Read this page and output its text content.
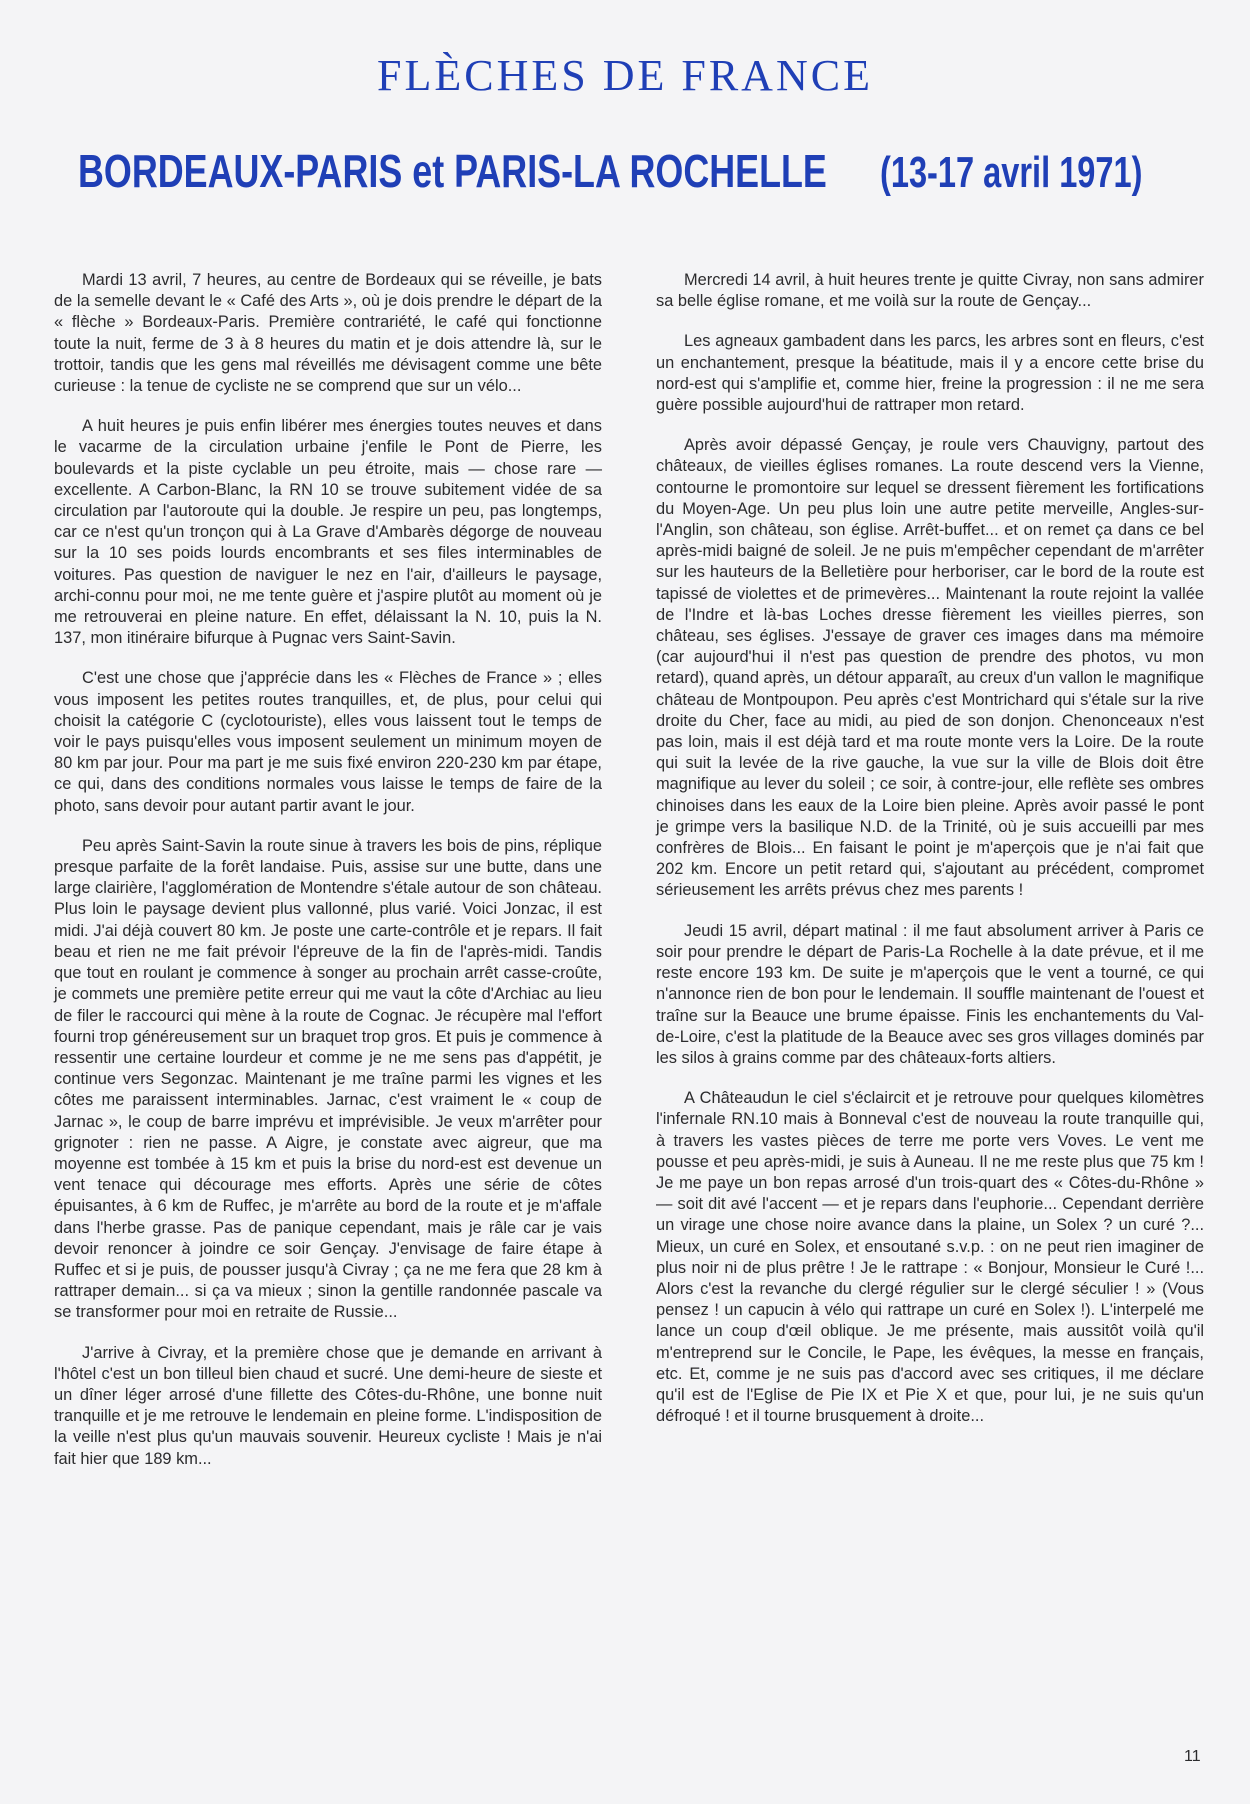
FLÈCHES DE FRANCE
BORDEAUX-PARIS et PARIS-LA ROCHELLE (13-17 avril 1971)

Mardi 13 avril, 7 heures, au centre de Bordeaux qui se réveille, je bats de la semelle devant le « Café des Arts », où je dois prendre le départ de la « flèche » Bordeaux-Paris. Première contrariété, le café qui fonctionne toute la nuit, ferme de 3 à 8 heures du matin et je dois attendre là, sur le trottoir, tandis que les gens mal réveillés me dévisagent comme une bête curieuse : la tenue de cycliste ne se comprend que sur un vélo...

A huit heures je puis enfin libérer mes énergies toutes neuves et dans le vacarme de la circulation urbaine j'enfile le Pont de Pierre, les boulevards et la piste cyclable un peu étroite, mais — chose rare — excellente. A Carbon-Blanc, la RN 10 se trouve subitement vidée de sa circulation par l'autoroute qui la double. Je respire un peu, pas longtemps, car ce n'est qu'un tronçon qui à La Grave d'Ambarès dégorge de nouveau sur la 10 ses poids lourds encombrants et ses files interminables de voitures. Pas question de naviguer le nez en l'air, d'ailleurs le paysage, archi-connu pour moi, ne me tente guère et j'aspire plutôt au moment où je me retrouverai en pleine nature. En effet, délaissant la N. 10, puis la N. 137, mon itinéraire bifurque à Pugnac vers Saint-Savin.

C'est une chose que j'apprécie dans les « Flèches de France » ; elles vous imposent les petites routes tranquilles, et, de plus, pour celui qui choisit la catégorie C (cyclotouriste), elles vous laissent tout le temps de voir le pays puisqu'elles vous imposent seulement un minimum moyen de 80 km par jour. Pour ma part je me suis fixé environ 220-230 km par étape, ce qui, dans des conditions normales vous laisse le temps de faire de la photo, sans devoir pour autant partir avant le jour.

Peu après Saint-Savin la route sinue à travers les bois de pins, réplique presque parfaite de la forêt landaise. Puis, assise sur une butte, dans une large clairière, l'agglomération de Montendre s'étale autour de son château. Plus loin le paysage devient plus vallonné, plus varié. Voici Jonzac, il est midi. J'ai déjà couvert 80 km. Je poste une carte-contrôle et je repars. Il fait beau et rien ne me fait prévoir l'épreuve de la fin de l'après-midi. Tandis que tout en roulant je commence à songer au prochain arrêt casse-croûte, je commets une première petite erreur qui me vaut la côte d'Archiac au lieu de filer le raccourci qui mène à la route de Cognac. Je récupère mal l'effort fourni trop généreusement sur un braquet trop gros. Et puis je commence à ressentir une certaine lourdeur et comme je ne me sens pas d'appétit, je continue vers Segonzac. Maintenant je me traîne parmi les vignes et les côtes me paraissent interminables. Jarnac, c'est vraiment le « coup de Jarnac », le coup de barre imprévu et imprévisible. Je veux m'arrêter pour grignoter : rien ne passe. A Aigre, je constate avec aigreur, que ma moyenne est tombée à 15 km et puis la brise du nord-est est devenue un vent tenace qui décourage mes efforts. Après une série de côtes épuisantes, à 6 km de Ruffec, je m'arrête au bord de la route et je m'affale dans l'herbe grasse. Pas de panique cependant, mais je râle car je vais devoir renoncer à joindre ce soir Gençay. J'envisage de faire étape à Ruffec et si je puis, de pousser jusqu'à Civray ; ça ne me fera que 28 km à rattraper demain... si ça va mieux ; sinon la gentille randonnée pascale va se transformer pour moi en retraite de Russie...

J'arrive à Civray, et la première chose que je demande en arrivant à l'hôtel c'est un bon tilleul bien chaud et sucré. Une demi-heure de sieste et un dîner léger arrosé d'une fillette des Côtes-du-Rhône, une bonne nuit tranquille et je me retrouve le lendemain en pleine forme. L'indisposition de la veille n'est plus qu'un mauvais souvenir. Heureux cycliste ! Mais je n'ai fait hier que 189 km...

Mercredi 14 avril, à huit heures trente je quitte Civray, non sans admirer sa belle église romane, et me voilà sur la route de Gençay...

Les agneaux gambadent dans les parcs, les arbres sont en fleurs, c'est un enchantement, presque la béatitude, mais il y a encore cette brise du nord-est qui s'amplifie et, comme hier, freine la progression : il ne me sera guère possible aujourd'hui de rattraper mon retard.

Après avoir dépassé Gençay, je roule vers Chauvigny, partout des châteaux, de vieilles églises romanes. La route descend vers la Vienne, contourne le promontoire sur lequel se dressent fièrement les fortifications du Moyen-Age. Un peu plus loin une autre petite merveille, Angles-sur-l'Anglin, son château, son église. Arrêt-buffet... et on remet ça dans ce bel après-midi baigné de soleil. Je ne puis m'empêcher cependant de m'arrêter sur les hauteurs de la Belletière pour herboriser, car le bord de la route est tapissé de violettes et de primevères... Maintenant la route rejoint la vallée de l'Indre et là-bas Loches dresse fièrement les vieilles pierres, son château, ses églises. J'essaye de graver ces images dans ma mémoire (car aujourd'hui il n'est pas question de prendre des photos, vu mon retard), quand après, un détour apparaît, au creux d'un vallon le magnifique château de Montpoupon. Peu après c'est Montrichard qui s'étale sur la rive droite du Cher, face au midi, au pied de son donjon. Chenonceaux n'est pas loin, mais il est déjà tard et ma route monte vers la Loire. De la route qui suit la levée de la rive gauche, la vue sur la ville de Blois doit être magnifique au lever du soleil ; ce soir, à contre-jour, elle reflète ses ombres chinoises dans les eaux de la Loire bien pleine. Après avoir passé le pont je grimpe vers la basilique N.D. de la Trinité, où je suis accueilli par mes confrères de Blois... En faisant le point je m'aperçois que je n'ai fait que 202 km. Encore un petit retard qui, s'ajoutant au précédent, compromet sérieusement les arrêts prévus chez mes parents !

Jeudi 15 avril, départ matinal : il me faut absolument arriver à Paris ce soir pour prendre le départ de Paris-La Rochelle à la date prévue, et il me reste encore 193 km. De suite je m'aperçois que le vent a tourné, ce qui n'annonce rien de bon pour le lendemain. Il souffle maintenant de l'ouest et traîne sur la Beauce une brume épaisse. Finis les enchantements du Val-de-Loire, c'est la platitude de la Beauce avec ses gros villages dominés par les silos à grains comme par des châteaux-forts altiers.

A Châteaudun le ciel s'éclaircit et je retrouve pour quelques kilomètres l'infernale RN.10 mais à Bonneval c'est de nouveau la route tranquille qui, à travers les vastes pièces de terre me porte vers Voves. Le vent me pousse et peu après-midi, je suis à Auneau. Il ne me reste plus que 75 km ! Je me paye un bon repas arrosé d'un trois-quart des « Côtes-du-Rhône » — soit dit avé l'accent — et je repars dans l'euphorie... Cependant derrière un virage une chose noire avance dans la plaine, un Solex ? un curé ?... Mieux, un curé en Solex, et ensoutané s.v.p. : on ne peut rien imaginer de plus noir ni de plus prêtre ! Je le rattrape : « Bonjour, Monsieur le Curé !... Alors c'est la revanche du clergé régulier sur le clergé séculier ! » (Vous pensez ! un capucin à vélo qui rattrape un curé en Solex !). L'interpelé me lance un coup d'œil oblique. Je me présente, mais aussitôt voilà qu'il m'entreprend sur le Concile, le Pape, les évêques, la messe en français, etc. Et, comme je ne suis pas d'accord avec ses critiques, il me déclare qu'il est de l'Eglise de Pie IX et Pie X et que, pour lui, je ne suis qu'un défroqué ! et il tourne brusquement à droite...

11
